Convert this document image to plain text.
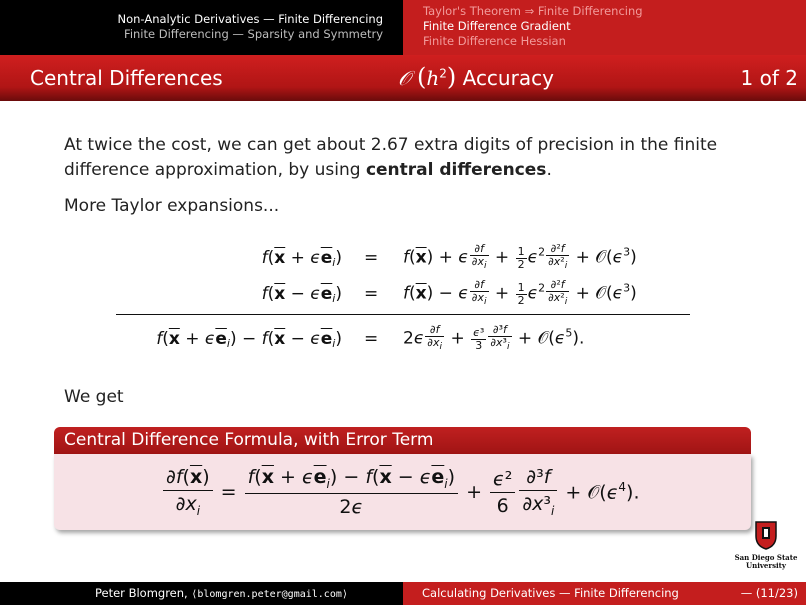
Non-Analytic Derivatives — Finite Differencing
Finite Differencing — Sparsity and Symmetry
Taylor's Theorem ⇒ Finite Differencing
Finite Difference Gradient
Finite Difference Hessian
Central Differences	𝒪 $(h^2)$ Accuracy	1 of 2
At twice the cost, we can get about 2.67 extra digits of precision in the finite difference approximation, by using central differences.
More Taylor expansions...
$f(\overline{x} + \epsilon\overline{e}_i) = f(\overline{x}) + \epsilon \frac{\partial f}{\partial x_i} + \frac{1}{2} \epsilon^2 \frac{\text{∂²f}}{\partial x^2_i}$ + $𝒪(\epsilon^3)$
$f(\overline{x} - \epsilon\overline{e}_i) = f(\overline{x}) - \epsilon \frac{\partial f}{\partial x_i} + \frac{1}{2} \epsilon^2 \frac{\text{∂²f}}{\partial x^2_i}$ + $𝒪(\epsilon^3)$
$f(\overline{x} + \epsilon\overline{e}_i) - f(\overline{x} - \epsilon\overline{e}_i) = 2\epsilon \frac{\partial f}{\partial x_i} + \frac{\text{ϵ³}}{3} \frac{\text{∂³f}}{\partial x^3_i}$ + $𝒪(\epsilon^5)$.
We get
Central Difference Formula, with Error Term
$\frac{\partial f(\overline{x})}{\partial x_i} = \frac{f(\overline{x} + \epsilon\overline{e}_i) - f(\overline{x} - \epsilon\overline{e}_i)}{2\epsilon} + \frac{\text{ϵ²}}{6} \frac{\text{∂³f}}{\partial x^3_i}$ + $𝒪(\epsilon^4)$.
San Diego State
University
Peter Blomgren, ⟨blomgren.peter@gmail.com⟩	Calculating Derivatives — Finite Differencing	— (11/23)
